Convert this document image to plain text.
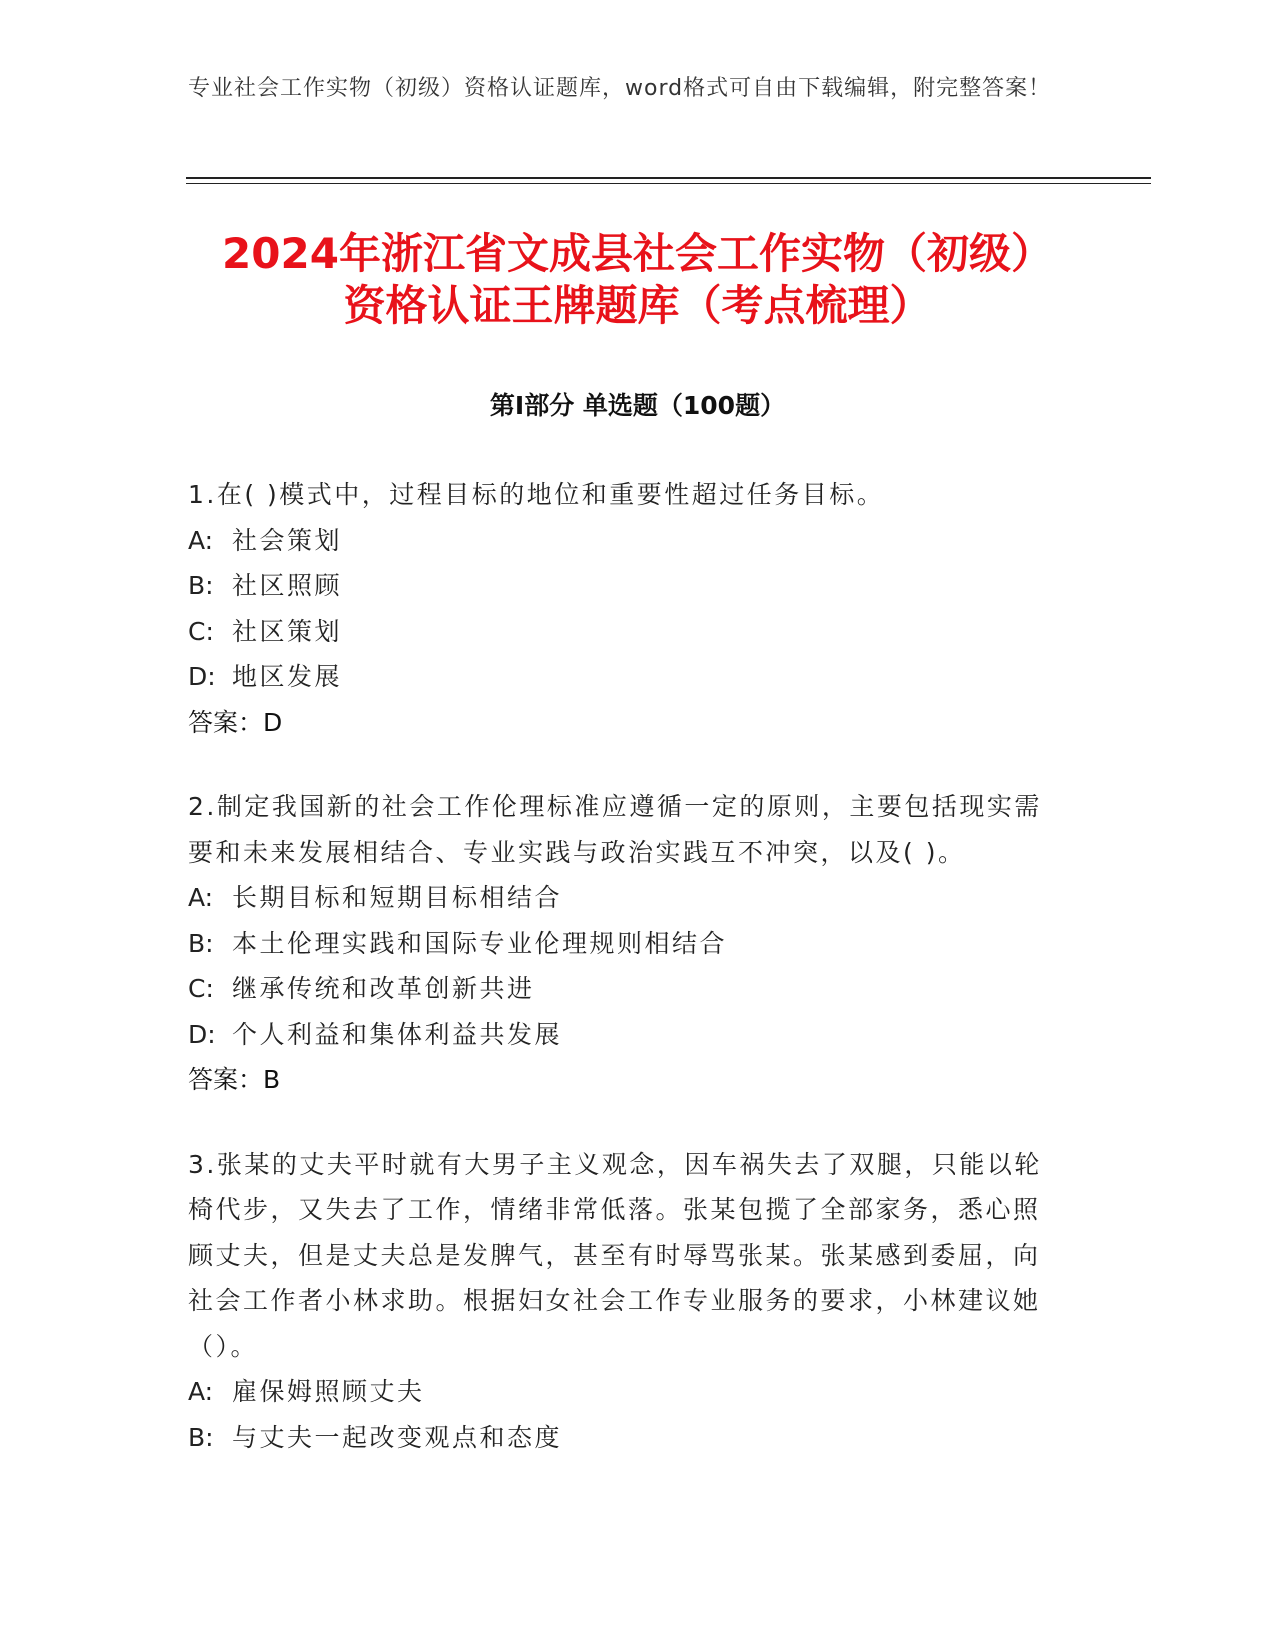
专业社会工作实物（初级）资格认证题库，word格式可自由下载编辑，附完整答案！
2024年浙江省文成县社会工作实物（初级）
资格认证王牌题库（考点梳理）
第Ⅰ部分 单选题（100题）
1.在( )模式中，过程目标的地位和重要性超过任务目标。
A: 社会策划
B: 社区照顾
C: 社区策划
D: 地区发展
答案：D
2.制定我国新的社会工作伦理标准应遵循一定的原则，主要包括现实需要和未来发展相结合、专业实践与政治实践互不冲突，以及( )。
A: 长期目标和短期目标相结合
B: 本土伦理实践和国际专业伦理规则相结合
C: 继承传统和改革创新共进
D: 个人利益和集体利益共发展
答案：B
3.张某的丈夫平时就有大男子主义观念，因车祸失去了双腿，只能以轮椅代步，又失去了工作，情绪非常低落。张某包揽了全部家务，悉心照顾丈夫，但是丈夫总是发脾气，甚至有时辱骂张某。张某感到委屈，向社会工作者小林求助。根据妇女社会工作专业服务的要求，小林建议她（）。
A: 雇保姆照顾丈夫
B: 与丈夫一起改变观点和态度
